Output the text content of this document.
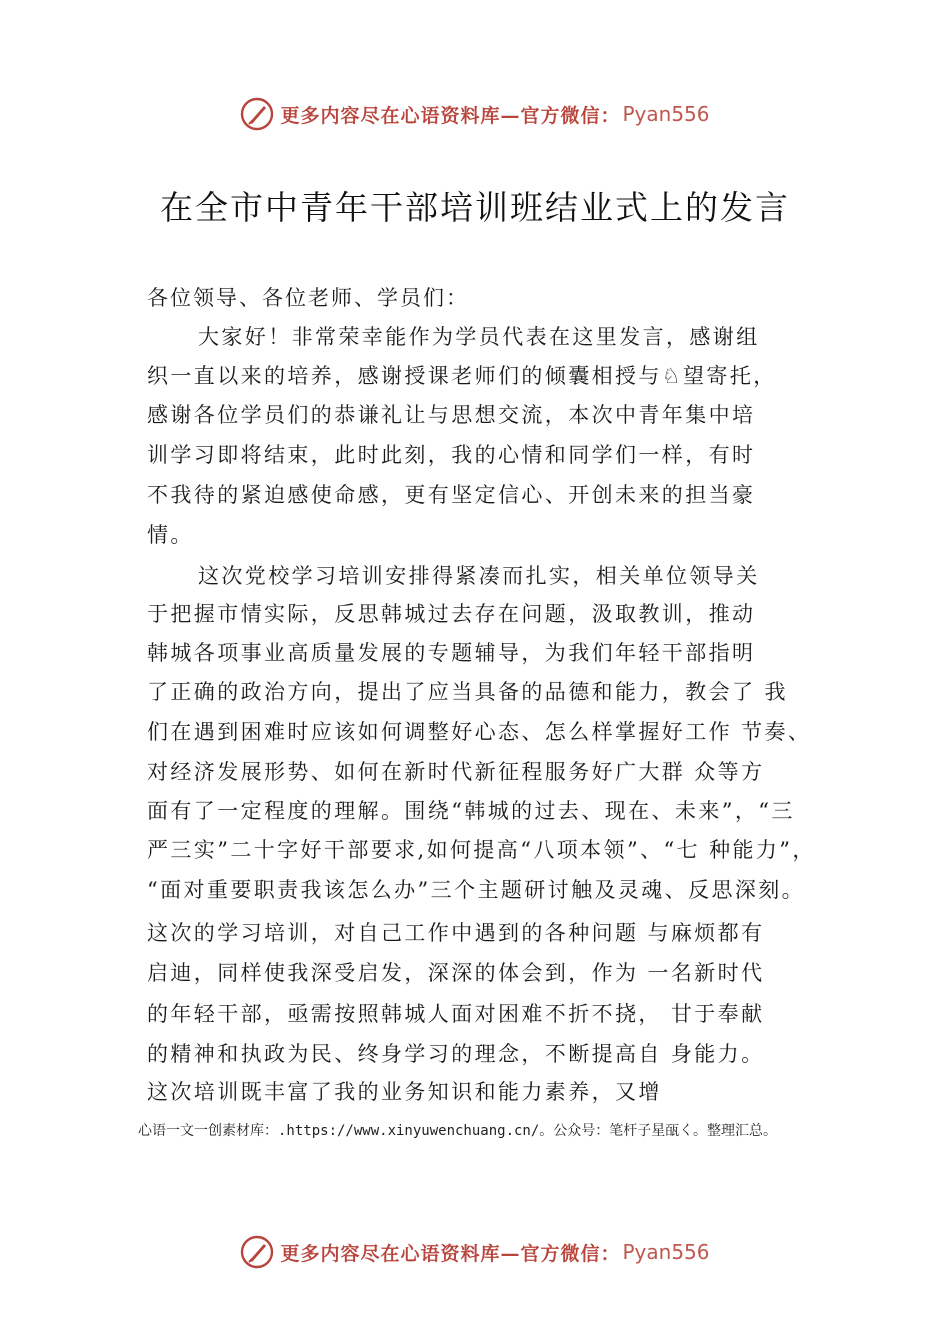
更多内容尽在心语资料库—官方微信： Pyan556
在全市中青年干部培训班结业式上的发言
各位领导、各位老师、学员们：
大家好！非常荣幸能作为学员代表在这里发言，感谢组
织一直以来的培养，感谢授课老师们的倾囊相授与♘望寄托，
感谢各位学员们的恭谦礼让与思想交流，本次中青年集中培
训学习即将结束，此时此刻，我的心情和同学们一样，有时
不我待的紧迫感使命感，更有坚定信心、开创未来的担当豪
情。
这次党校学习培训安排得紧凑而扎实，相关单位领导关
于把握市情实际，反思韩城过去存在问题，汲取教训，推动
韩城各项事业高质量发展的专题辅导，为我们年轻干部指明
了正确的政治方向，提出了应当具备的品德和能力，教会了 我
们在遇到困难时应该如何调整好心态、怎么样掌握好工作 节奏、
对经济发展形势、如何在新时代新征程服务好广大群 众等方
面有了一定程度的理解。围绕“韩城的过去、现在、未来”，“三
严三实”二十字好干部要求,如何提高“八项本领”、“七 种能力”，
“面对重要职责我该怎么办”三个主题研讨触及灵魂、反思深刻。
这次的学习培训，对自己工作中遇到的各种问题 与麻烦都有
启迪，同样使我深受启发，深深的体会到，作为 一名新时代
的年轻干部，亟需按照韩城人面对困难不折不挠， 甘于奉献
的精神和执政为民、终身学习的理念，不断提高自 身能力。
这次培训既丰富了我的业务知识和能力素养，又增
心语一文一创素材库：.https://www.xinyuwenchuang.cn/。公众号：笔杆子星㼣く。整理汇总。
更多内容尽在心语资料库—官方微信： Pyan556
